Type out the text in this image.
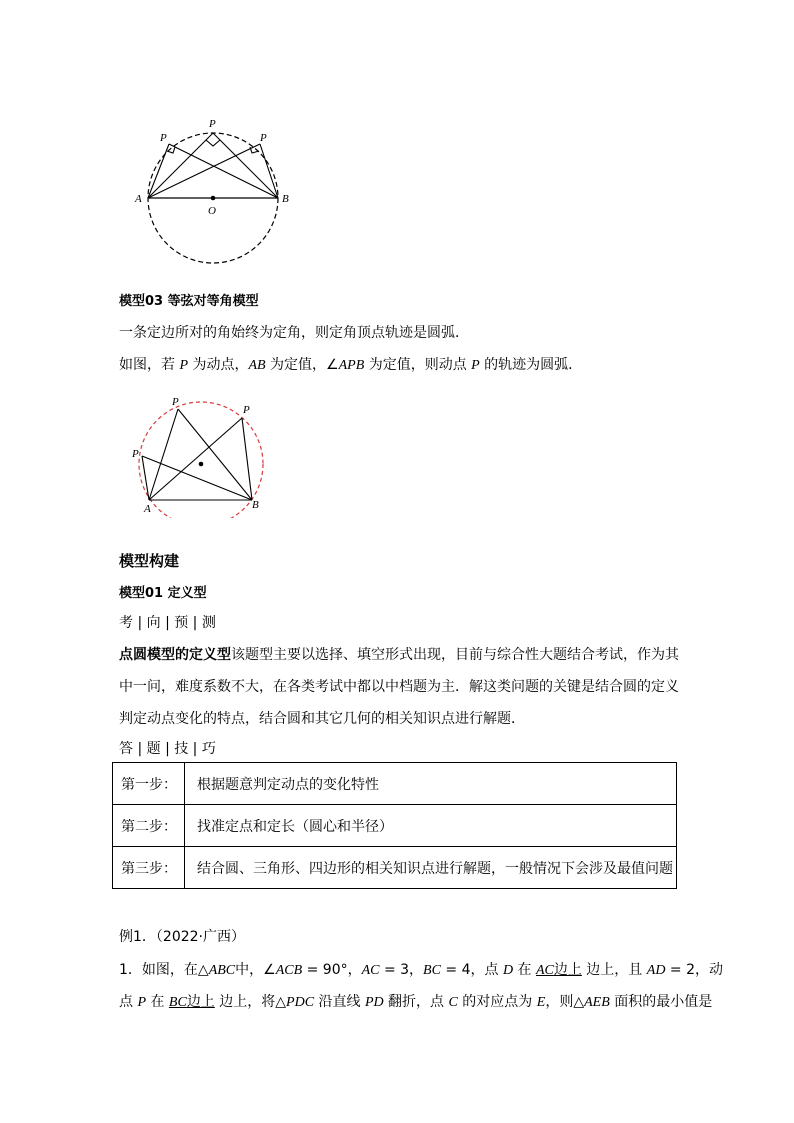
P
P
P
A	B
O
模型03 等弦对等角模型
一条定边所对的角始终为定角，则定角顶点轨迹是圆弧．
如图，若 P 为动点，AB 为定值，∠APB 为定值，则动点 P 的轨迹为圆弧．
P
P
P
A	B
模型构建
模型01 定义型
考 | 向 | 预 | 测
点圆模型的定义型该题型主要以选择、填空形式出现，目前与综合性大题结合考试，作为其
中一问，难度系数不大，在各类考试中都以中档题为主．解这类问题的关键是结合圆的定义
判定动点变化的特点，结合圆和其它几何的相关知识点进行解题．
答 | 题 | 技 | 巧
第一步：	根据题意判定动点的变化特性
第二步：	找准定点和定长（圆心和半径）
第三步：	结合圆、三角形、四边形的相关知识点进行解题，一般情况下会涉及最值问题
例1．（2022·广西）
1．如图，在△ABC中，∠ACB = 90°，AC = 3，BC = 4，点 D 在 AC边上 边上，且 AD = 2，动
点 P 在 BC边上 边上，将△PDC 沿直线 PD 翻折，点 C 的对应点为 E，则△AEB 面积的最小值是
